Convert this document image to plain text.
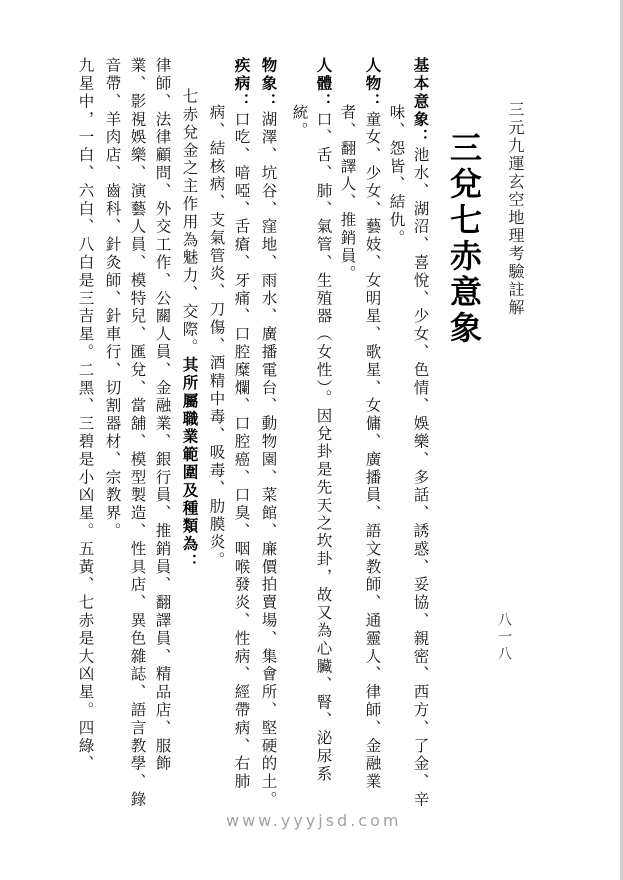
三元九運玄空地理考驗註解
八一八
三兌七赤意象
基本意象：池水、湖沼、喜悅、少女、色情、娛樂、多話、誘惑、妥協、親密、西方、了金、辛
味、怨皆、結仇。
人物：童女、少女、藝妓、女明星、歌星、女傭、廣播員、語文教師、通靈人、律師、金融業
者、翻譯人、推銷員。
人體：口、舌、肺、氣管、生殖器（女性）。因兌卦是先天之坎卦，故又為心臟、腎、泌尿系
統。
物象：湖澤、坑谷、窪地、雨水、廣播電台、動物園、菜館、廉價拍賣場、集會所、堅硬的土。
疾病：口吃、喑啞、舌瘡、牙痛、口腔糜爛、口腔癌、口臭、咽喉發炎、性病、經帶病、右肺
病、結核病、支氣管炎、刀傷、酒精中毒、吸毒、肋膜炎。
七赤兌金之主作用為魅力、交際。其所屬職業範圍及種類為：
律師、法律顧問、外交工作、公關人員、金融業、銀行員、推銷員、翻譯員、精品店、服飾
業、影視娛樂、演藝人員、模特兒、匯兌、當舖、模型製造、性具店、異色雜誌、語言教學、錄
音帶、羊肉店、齒科、針灸師、針車行、切割器材、宗教界。
九星中，一白、六白、八白是三吉星。二黑、三碧是小凶星。五黃、七赤是大凶星。四綠、
www.yyyjsd.com
